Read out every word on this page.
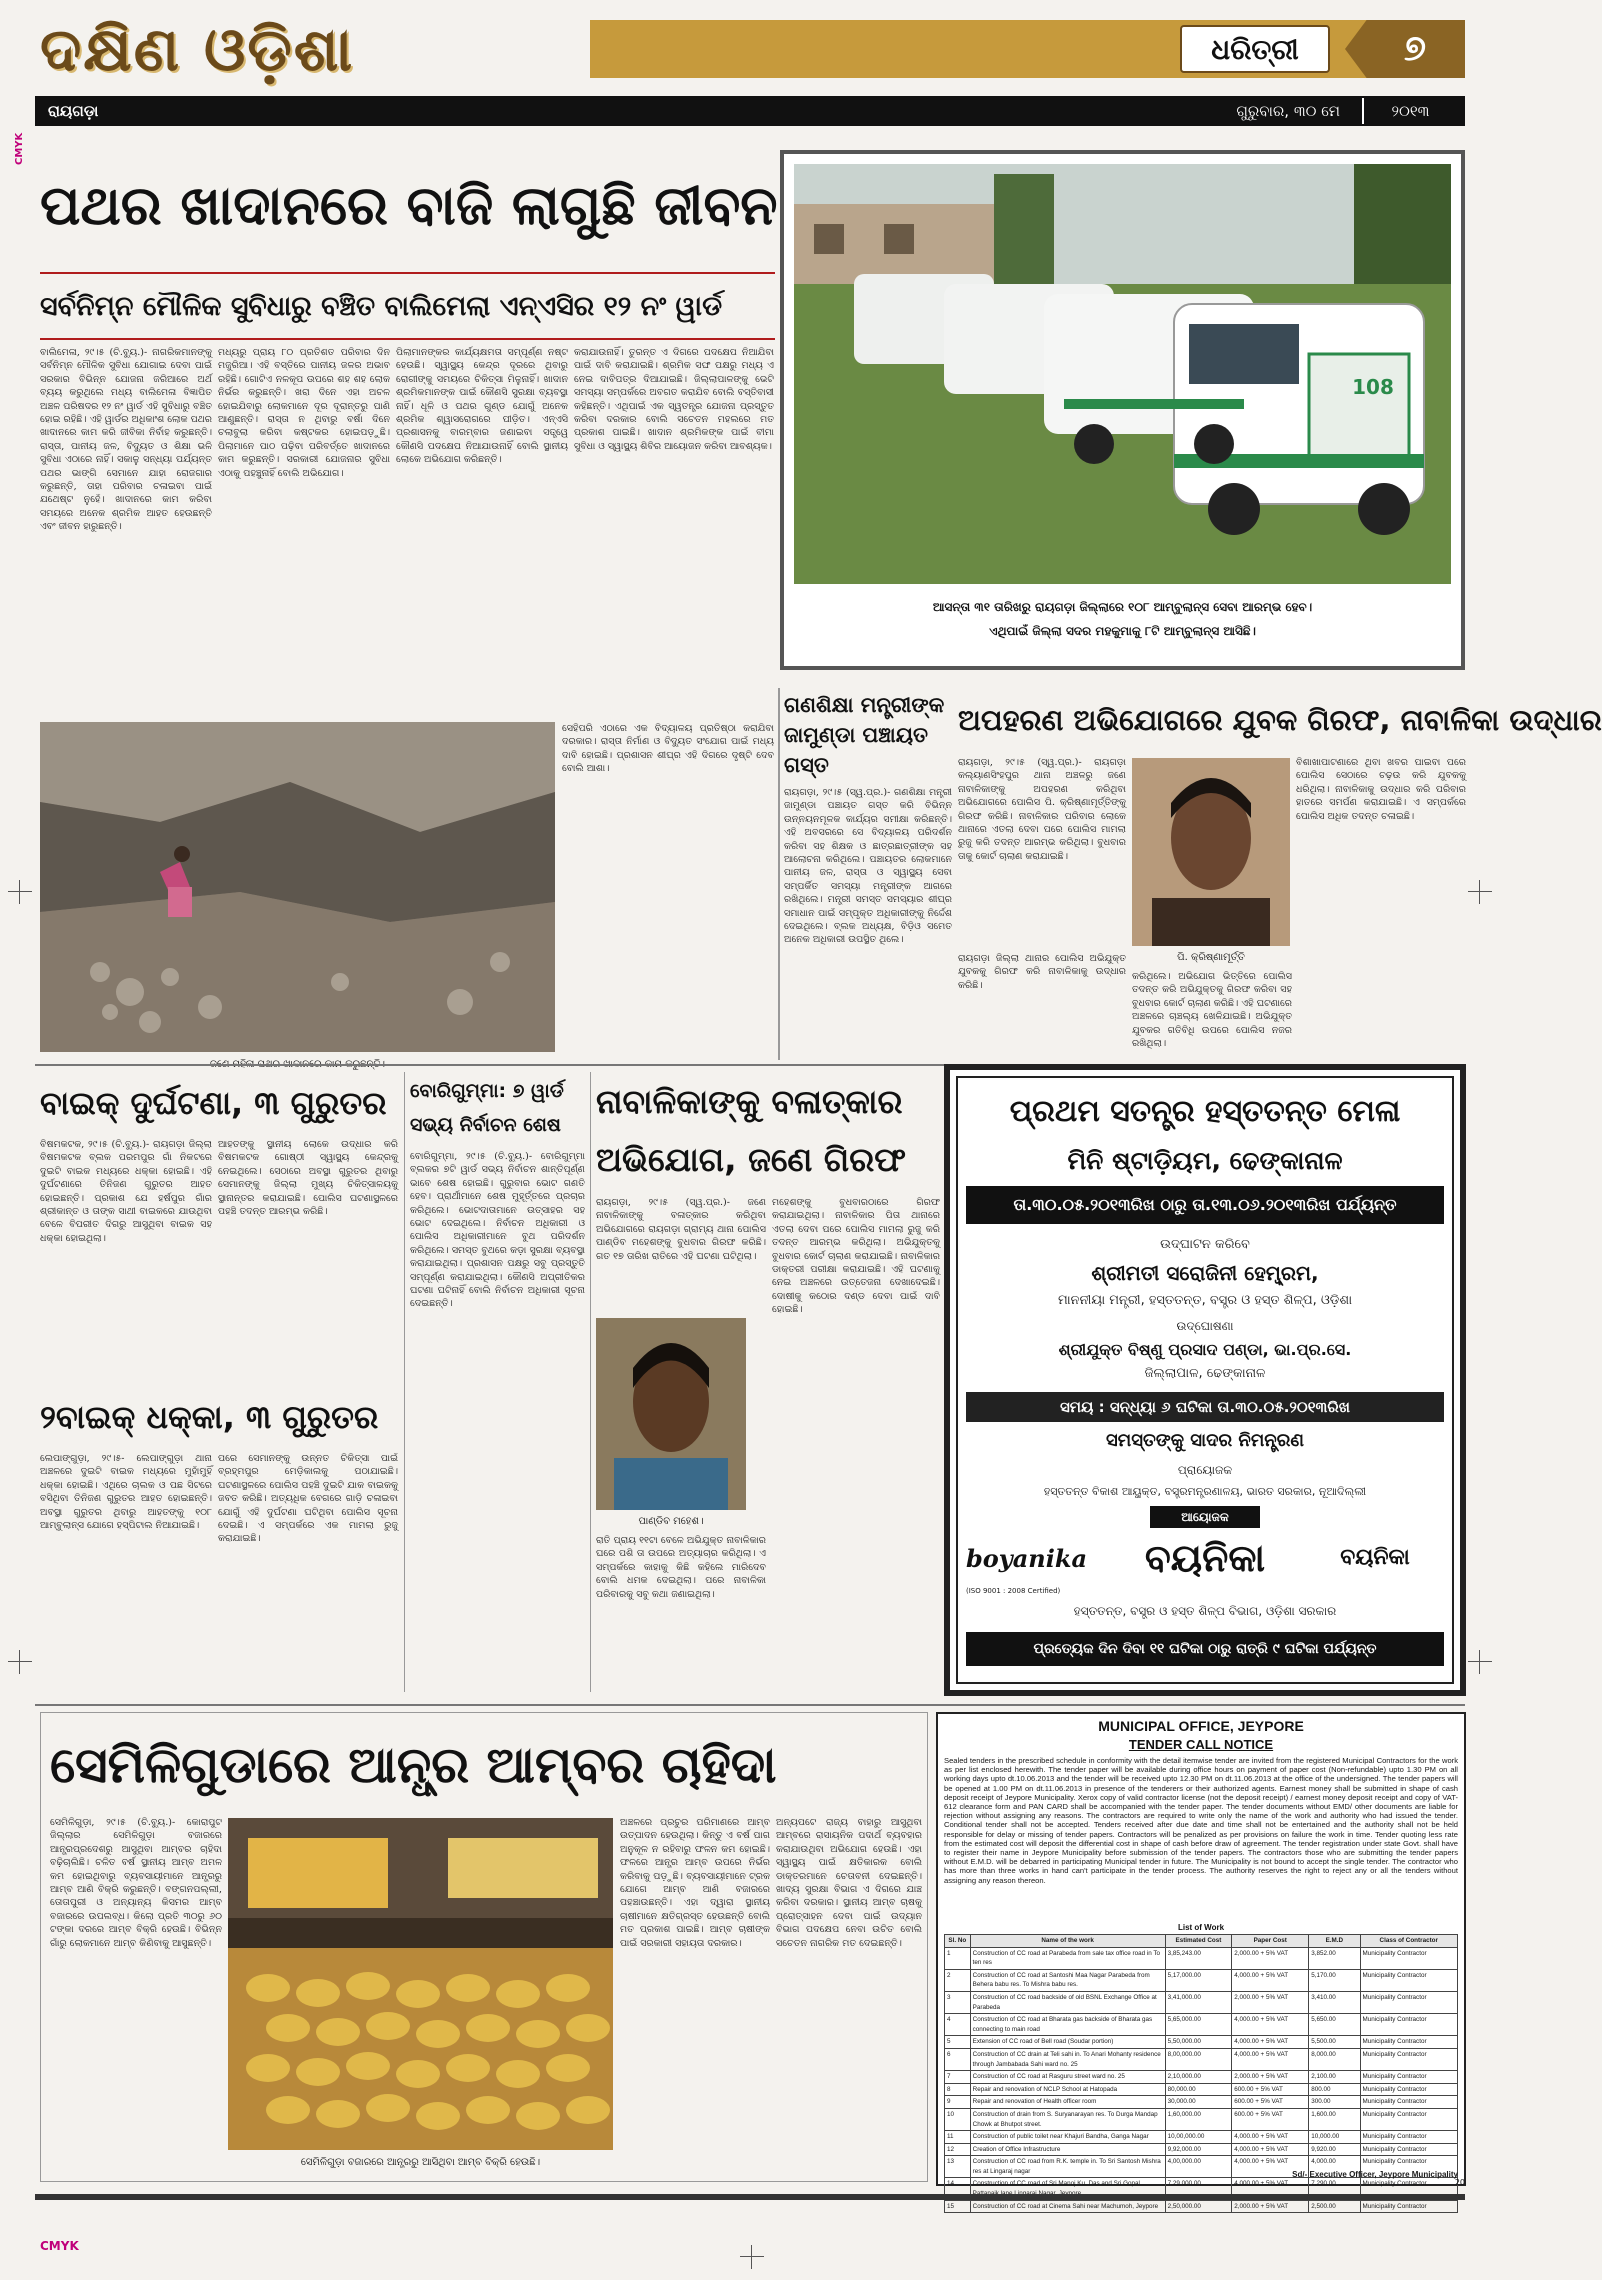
CMYK
ଦକ୍ଷିଣ ଓଡ଼ିଶା	ଧରିତ୍ରୀ	୭
ରାୟଗଡ଼ା	ଗୁରୁବାର, ୩୦ ମେ	୨୦୧୩
ପଥର ଖାଦାନରେ ବାଜି ଲାଗୁଛି ଜୀବନ
ସର୍ବନିମ୍ନ ମୌଳିକ ସୁବିଧାରୁ ବଞ୍ଚିତ ବାଲିମେଲା ଏନ୍‌ଏସିର ୧୨ ନଂ ୱାର୍ଡ
ବାଲିମେଳା, ୨୯।୫ (ଚି.ବ୍ୟୁ.)- ନାଗରିକମାନଙ୍କୁ ସର୍ବନିମ୍ନ ମୌଳିକ ସୁବିଧା ଯୋଗାଇ ଦେବା ପାଇଁ ସରକାର ବିଭିନ୍ନ ଯୋଜନା ଜରିଆରେ ଅର୍ଥ ବ୍ୟୟ କରୁଥିଲେ ମଧ୍ୟ ବାଲିମେଳା ବିଜ୍ଞାପିତ ଅଞ୍ଚଳ ପରିଷଦର ୧୨ ନଂ ୱାର୍ଡ ଏହି ସୁବିଧାରୁ ବଞ୍ଚିତ ହୋଇ ରହିଛି। ଏହି ୱାର୍ଡର ଅଧିକାଂଶ ଲୋକ ପଥର ଖାଦାନରେ କାମ କରି ଜୀବିକା ନିର୍ବାହ କରୁଛନ୍ତି। ରାସ୍ତା, ପାନୀୟ ଜଳ, ବିଦ୍ୟୁତ ଓ ଶିକ୍ଷା ଭଳି ସୁବିଧା ଏଠାରେ ନାହିଁ। ସକାଳୁ ସନ୍ଧ୍ୟା ପର୍ଯ୍ୟନ୍ତ ପଥର ଭାଙ୍ଗି ସେମାନେ ଯାହା ରୋଜଗାର କରୁଛନ୍ତି, ତାହା ପରିବାର ଚଳାଇବା ପାଇଁ ଯଥେଷ୍ଟ ନୁହେଁ। ଖାଦାନରେ କାମ କରିବା ସମୟରେ ଅନେକ ଶ୍ରମିକ ଆହତ ହେଉଛନ୍ତି ଏବଂ ଜୀବନ ହାରୁଛନ୍ତି।
ମଧ୍ୟରୁ ପ୍ରାୟ ୮୦ ପ୍ରତିଶତ ପରିବାର ଦିନ ମଜୁରିଆ। ଏହି ବସ୍ତିରେ ପାନୀୟ ଜଳର ଅଭାବ ରହିଛି। ଗୋଟିଏ ନଳକୂପ ଉପରେ ଶହ ଶହ ଲୋକ ନିର୍ଭର କରୁଛନ୍ତି। ଖରା ଦିନେ ଏହା ଅଚଳ ହୋଇଯିବାରୁ ଲୋକମାନେ ଦୂର ଦୂରାନ୍ତରୁ ପାଣି ଆଣୁଛନ୍ତି। ରାସ୍ତା ନ ଥିବାରୁ ବର୍ଷା ଦିନେ ଚଲାବୁଲା କରିବା କଷ୍ଟକର ହୋଇପଡ଼ୁଛି। ପିଲାମାନେ ପାଠ ପଢ଼ିବା ପରିବର୍ତ୍ତେ ଖାଦାନରେ କାମ କରୁଛନ୍ତି। ସରକାରୀ ଯୋଜନାର ସୁବିଧା ଏଠାକୁ ପହଞ୍ଚୁନାହିଁ ବୋଲି ଅଭିଯୋଗ।
ପିଲାମାନଙ୍କର କାର୍ଯ୍ୟକ୍ଷମତା ସମ୍ପୂର୍ଣ୍ଣ ନଷ୍ଟ ହେଉଛି। ସ୍ୱାସ୍ଥ୍ୟ କେନ୍ଦ୍ର ଦୂରରେ ଥିବାରୁ ରୋଗୀଙ୍କୁ ସମୟରେ ଚିକିତ୍ସା ମିଳୁନାହିଁ। ଖାଦାନ ଶ୍ରମିକମାନଙ୍କ ପାଇଁ କୌଣସି ସୁରକ୍ଷା ବ୍ୟବସ୍ଥା ନାହିଁ। ଧୂଳି ଓ ପଥର ଗୁଣ୍ଡ ଯୋଗୁଁ ଅନେକ ଶ୍ରମିକ ଶ୍ୱାସରୋଗରେ ପୀଡ଼ିତ। ଏନ୍‌ଏସି ପ୍ରଶାସନକୁ ବାରମ୍ବାର ଜଣାଇବା ସତ୍ତ୍ୱେ କୌଣସି ପଦକ୍ଷେପ ନିଆଯାଉନାହିଁ ବୋଲି ସ୍ଥାନୀୟ ଲୋକେ ଅଭିଯୋଗ କରିଛନ୍ତି।
କରାଯାଉନାହିଁ। ତୁରନ୍ତ ଏ ଦିଗରେ ପଦକ୍ଷେପ ନିଆଯିବା ପାଇଁ ଦାବି କରାଯାଇଛି। ଶ୍ରମିକ ସଙ୍ଘ ପକ୍ଷରୁ ମଧ୍ୟ ଏ ନେଇ ଦାବିପତ୍ର ଦିଆଯାଇଛି। ଜିଲ୍ଲାପାଳଙ୍କୁ ଭେଟି ସମସ୍ୟା ସମ୍ପର୍କରେ ଅବଗତ କରାଯିବ ବୋଲି ବସ୍ତିବାସୀ କହିଛନ୍ତି। ଏଥିପାଇଁ ଏକ ସ୍ୱତନ୍ତ୍ର ଯୋଜନା ପ୍ରସ୍ତୁତ କରିବା ଦରକାର ବୋଲି ସଚେତନ ମହଲରେ ମତ ପ୍ରକାଶ ପାଇଛି। ଖାଦାନ ଶ୍ରମିକଙ୍କ ପାଇଁ ବୀମା ସୁବିଧା ଓ ସ୍ୱାସ୍ଥ୍ୟ ଶିବିର ଆୟୋଜନ କରିବା ଆବଶ୍ୟକ।
ସେହିପରି ଏଠାରେ ଏକ ବିଦ୍ୟାଳୟ ପ୍ରତିଷ୍ଠା କରାଯିବା ଦରକାର। ରାସ୍ତା ନିର୍ମାଣ ଓ ବିଦ୍ୟୁତ ସଂଯୋଗ ପାଇଁ ମଧ୍ୟ ଦାବି ହୋଇଛି। ପ୍ରଶାସନ ଶୀଘ୍ର ଏହି ଦିଗରେ ଦୃଷ୍ଟି ଦେବ ବୋଲି ଆଶା।
108
ଆସନ୍ତା ୩୧ ତାରିଖରୁ ରାୟଗଡ଼ା ଜିଲ୍ଲାରେ ୧୦୮ ଆମ୍ବୁଲାନ୍ସ ସେବା ଆରମ୍ଭ ହେବ।
ଏଥିପାଇଁ ଜିଲ୍ଲା ସଦର ମହକୁମାକୁ ୮ଟି ଆମ୍ବୁଲାନ୍ସ ଆସିଛି।
ଗଣଶିକ୍ଷା ମନ୍ତ୍ରୀଙ୍କ ଜାମୁଣ୍ଡା ପଞ୍ଚାୟତ ଗସ୍ତ
ରାୟଗଡ଼ା, ୨୯।୫ (ସ୍ୱ.ପ୍ର.)- ଗଣଶିକ୍ଷା ମନ୍ତ୍ରୀ ଜାମୁଣ୍ଡା ପଞ୍ଚାୟତ ଗସ୍ତ କରି ବିଭିନ୍ନ ଉନ୍ନୟନମୂଳକ କାର୍ଯ୍ୟର ସମୀକ୍ଷା କରିଛନ୍ତି। ଏହି ଅବସରରେ ସେ ବିଦ୍ୟାଳୟ ପରିଦର୍ଶନ କରିବା ସହ ଶିକ୍ଷକ ଓ ଛାତ୍ରଛାତ୍ରୀଙ୍କ ସହ ଆଲୋଚନା କରିଥିଲେ। ପଞ୍ଚାୟତର ଲୋକମାନେ ପାନୀୟ ଜଳ, ରାସ୍ତା ଓ ସ୍ୱାସ୍ଥ୍ୟ ସେବା ସମ୍ପର୍କିତ ସମସ୍ୟା ମନ୍ତ୍ରୀଙ୍କ ଆଗରେ ରଖିଥିଲେ। ମନ୍ତ୍ରୀ ସମସ୍ତ ସମସ୍ୟାର ଶୀଘ୍ର ସମାଧାନ ପାଇଁ ସମ୍ପୃକ୍ତ ଅଧିକାରୀଙ୍କୁ ନିର୍ଦ୍ଦେଶ ଦେଇଥିଲେ। ବ୍ଲକ ଅଧ୍ୟକ୍ଷ, ବିଡ଼ିଓ ସମେତ ଅନେକ ଅଧିକାରୀ ଉପସ୍ଥିତ ଥିଲେ।
ଅପହରଣ ଅଭିଯୋଗରେ ଯୁବକ ଗିରଫ, ନାବାଳିକା ଉଦ୍ଧାର
ରାୟଗଡ଼ା, ୨୯।୫ (ସ୍ୱ.ପ୍ର.)- ରାୟଗଡ଼ା କଲ୍ୟାଣସିଂହପୁର ଥାନା ଅଞ୍ଚଳରୁ ଜଣେ ନାବାଳିକାଙ୍କୁ ଅପହରଣ କରିଥିବା ଅଭିଯୋଗରେ ପୋଲିସ ପି. କ୍ରିଷ୍ଣାମୂର୍ତ୍ତିଙ୍କୁ ଗିରଫ କରିଛି। ନାବାଳିକାର ପରିବାର ଲୋକେ ଥାନାରେ ଏତଲା ଦେବା ପରେ ପୋଲିସ ମାମଲା ରୁଜୁ କରି ତଦନ୍ତ ଆରମ୍ଭ କରିଥିଲା। ବୁଧବାର ତାକୁ କୋର୍ଟ ଚାଲାଣ କରାଯାଇଛି।
ପି. କ୍ରିଷ୍ଣାମୂର୍ତ୍ତି
ରାୟଗଡ଼ା ଜିଲ୍ଲା ଥାନାର ପୋଲିସ ଅଭିଯୁକ୍ତ ଯୁବକକୁ ଗିରଫ କରି ନାବାଳିକାକୁ ଉଦ୍ଧାର କରିଛି।
କରିଥିଲେ। ଅଭିଯୋଗ ଭିତ୍ତିରେ ପୋଲିସ ତଦନ୍ତ କରି ଅଭିଯୁକ୍ତକୁ ଗିରଫ କରିବା ସହ ବୁଧବାର କୋର୍ଟ ଚାଲାଣ କରିଛି। ଏହି ଘଟଣାରେ ଅଞ୍ଚଳରେ ଚାଞ୍ଚଲ୍ୟ ଖେଳିଯାଇଛି। ଅଭିଯୁକ୍ତ ଯୁବକର ଗତିବିଧି ଉପରେ ପୋଲିସ ନଜର ରଖିଥିଲା।
ବିଶାଖାପାଟଣାରେ ଥିବା ଖବର ପାଇବା ପରେ ପୋଲିସ ସେଠାରେ ଚଢ଼ଉ କରି ଯୁବକକୁ ଧରିଥିଲା। ନାବାଳିକାକୁ ଉଦ୍ଧାର କରି ପରିବାର ହାତରେ ସମର୍ପଣ କରାଯାଇଛି। ଏ ସମ୍ପର୍କରେ ପୋଲିସ ଅଧିକ ତଦନ୍ତ ଚଳାଇଛି।
ବାଇକ୍ ଦୁର୍ଘଟଣା, ୩ ଗୁରୁତର
ବିଷମକଟକ, ୨୯।୫ (ଚି.ବ୍ୟୁ.)- ରାୟଗଡ଼ା ଜିଲ୍ଲା ବିଷମକଟକ ବ୍ଲକ ପରମପୁର ଗାଁ ନିକଟରେ ଦୁଇଟି ବାଇକ ମଧ୍ୟରେ ଧକ୍କା ହୋଇଛି। ଏହି ଦୁର୍ଘଟଣାରେ ତିନିଜଣ ଗୁରୁତର ଆହତ ହୋଇଛନ୍ତି। ପ୍ରକାଶ ଯେ ହର୍ଷପୁର ଗାଁର ଶ୍ରୀକାନ୍ତ ଓ ତାଙ୍କ ସାଥୀ ବାଇକରେ ଯାଉଥିବା ବେଳେ ବିପରୀତ ଦିଗରୁ ଆସୁଥିବା ବାଇକ ସହ ଧକ୍କା ହୋଇଥିଲା।
ଆହତଙ୍କୁ ସ୍ଥାନୀୟ ଲୋକେ ଉଦ୍ଧାର କରି ବିଷମକଟକ ଗୋଷ୍ଠୀ ସ୍ୱାସ୍ଥ୍ୟ କେନ୍ଦ୍ରକୁ ନେଇଥିଲେ। ସେଠାରେ ଅବସ୍ଥା ଗୁରୁତର ଥିବାରୁ ସେମାନଙ୍କୁ ଜିଲ୍ଲା ମୁଖ୍ୟ ଚିକିତ୍ସାଳୟକୁ ସ୍ଥାନାନ୍ତର କରାଯାଇଛି। ପୋଲିସ ଘଟଣାସ୍ଥଳରେ ପହଞ୍ଚି ତଦନ୍ତ ଆରମ୍ଭ କରିଛି।
୨ବାଇକ୍ ଧକ୍କା, ୩ ଗୁରୁତର
ଲେପାଙ୍ଗୁଡ଼ା, ୨୯।୫- ଲେପାଙ୍ଗୁଡ଼ା ଥାନା ଅଞ୍ଚଳରେ ଦୁଇଟି ବାଇକ ମଧ୍ୟରେ ମୁହାଁମୁହିଁ ଧକ୍କା ହୋଇଛି। ଏଥିରେ ଚାଲକ ଓ ପଛ ସିଟରେ ବସିଥିବା ତିନିଜଣ ଗୁରୁତର ଆହତ ହୋଇଛନ୍ତି। ଅବସ୍ଥା ଗୁରୁତର ଥିବାରୁ ଆହତଙ୍କୁ ୧୦୮ ଆମ୍ବୁଲାନ୍ସ ଯୋଗେ ହସ୍ପିଟାଲ ନିଆଯାଇଛି।
ପରେ ସେମାନଙ୍କୁ ଉନ୍ନତ ଚିକିତ୍ସା ପାଇଁ ବ୍ରହ୍ମପୁର ମେଡ଼ିକାଲକୁ ପଠାଯାଇଛି। ଘଟଣାସ୍ଥଳରେ ପୋଲିସ ପହଞ୍ଚି ଦୁଇଟି ଯାକ ବାଇକକୁ ଜବତ କରିଛି। ଅତ୍ୟଧିକ ବେଗରେ ଗାଡ଼ି ଚଳାଇବା ଯୋଗୁଁ ଏହି ଦୁର୍ଘଟଣା ଘଟିଥିବା ପୋଲିସ ସୂଚନା ଦେଇଛି। ଏ ସମ୍ପର୍କରେ ଏକ ମାମଲା ରୁଜୁ କରାଯାଇଛି।
ବୋରିଗୁମ୍ମା: ୭ ୱାର୍ଡ ସଭ୍ୟ ନିର୍ବାଚନ ଶେଷ
ବୋରିଗୁମ୍ମା, ୨୯।୫ (ଚି.ବ୍ୟୁ.)- ବୋରିଗୁମ୍ମା ବ୍ଲକର ୭ଟି ୱାର୍ଡ ସଭ୍ୟ ନିର୍ବାଚନ ଶାନ୍ତିପୂର୍ଣ୍ଣ ଭାବେ ଶେଷ ହୋଇଛି। ଗୁରୁବାର ଭୋଟ ଗଣତି ହେବ। ପ୍ରାର୍ଥୀମାନେ ଶେଷ ମୁହୂର୍ତ୍ତରେ ପ୍ରଚାର କରିଥିଲେ। ଭୋଟଦାତାମାନେ ଉତ୍ସାହର ସହ ଭୋଟ ଦେଇଥିଲେ। ନିର୍ବାଚନ ଅଧିକାରୀ ଓ ପୋଲିସ ଅଧିକାରୀମାନେ ବୁଥ ପରିଦର୍ଶନ କରିଥିଲେ। ସମସ୍ତ ବୁଥରେ କଡ଼ା ସୁରକ୍ଷା ବ୍ୟବସ୍ଥା କରାଯାଇଥିଲା। ପ୍ରଶାସନ ପକ୍ଷରୁ ସବୁ ପ୍ରସ୍ତୁତି ସମ୍ପୂର୍ଣ୍ଣ କରାଯାଇଥିଲା। କୌଣସି ଅପ୍ରୀତିକର ଘଟଣା ଘଟିନାହିଁ ବୋଲି ନିର୍ବାଚନ ଅଧିକାରୀ ସୂଚନା ଦେଇଛନ୍ତି।
ନାବାଳିକାଙ୍କୁ ବଳାତ୍କାର
ଅଭିଯୋଗ, ଜଣେ ଗିରଫ
ରାୟଗଡ଼ା, ୨୯।୫ (ସ୍ୱ.ପ୍ର.)- ଜଣେ ନାବାଳିକାଙ୍କୁ ବଳାତ୍କାର କରିଥିବା ଅଭିଯୋଗରେ ରାୟଗଡ଼ା ଗ୍ରାମ୍ୟ ଥାନା ପୋଲିସ ପାଣ୍ଡିବ ମହେଶଙ୍କୁ ବୁଧବାର ଗିରଫ କରିଛି। ଗତ ୧୭ ତାରିଖ ରାତିରେ ଏହି ଘଟଣା ଘଟିଥିଲା।
ପାଣ୍ଡିବ ମହେଶ।
ରାତି ପ୍ରାୟ ୧୧ଟା ବେଳେ ଅଭିଯୁକ୍ତ ନାବାଳିକାର ଘରେ ପଶି ତା ଉପରେ ଅତ୍ୟାଚାର କରିଥିଲା। ଏ ସମ୍ପର୍କରେ କାହାକୁ କିଛି କହିଲେ ମାରିଦେବ ବୋଲି ଧମକ ଦେଇଥିଲା। ପରେ ନାବାଳିକା ପରିବାରକୁ ସବୁ କଥା ଜଣାଇଥିଲା।
ମହେଶଙ୍କୁ ବୁଧବାରଠାରେ ଗିରଫ କରାଯାଇଥିଲା। ନାବାଳିକାର ପିତା ଥାନାରେ ଏତଲା ଦେବା ପରେ ପୋଲିସ ମାମଲା ରୁଜୁ କରି ତଦନ୍ତ ଆରମ୍ଭ କରିଥିଲା। ଅଭିଯୁକ୍ତକୁ ବୁଧବାର କୋର୍ଟ ଚାଲାଣ କରାଯାଇଛି। ନାବାଳିକାର ଡାକ୍ତରୀ ପରୀକ୍ଷା କରାଯାଇଛି। ଏହି ଘଟଣାକୁ ନେଇ ଅଞ୍ଚଳରେ ଉତ୍ତେଜନା ଦେଖାଦେଇଛି। ଦୋଷୀକୁ କଠୋର ଦଣ୍ଡ ଦେବା ପାଇଁ ଦାବି ହୋଇଛି।
ପ୍ରଥମ ସତନ୍ତ୍ର ହସ୍ତତନ୍ତ ମେଳା
ମିନି ଷ୍ଟାଡ଼ିୟମ, ଢେଙ୍କାନାଳ
ତା.୩୦.୦୫.୨୦୧୩ରିଖ ଠାରୁ ତା.୧୩.୦୬.୨୦୧୩ରିଖ ପର୍ଯ୍ୟନ୍ତ
ଉଦ୍‌ଘାଟନ କରିବେ
ଶ୍ରୀମତୀ ସରୋଜିନୀ ହେମ୍ବ୍ରମ,
ମାନନୀୟା ମନ୍ତ୍ରୀ, ହସ୍ତତନ୍ତ, ବସ୍ତ୍ର ଓ ହସ୍ତ ଶିଳ୍ପ, ଓଡ଼ିଶା
ଉଦ୍‌ଘୋଷଣା
ଶ୍ରୀଯୁକ୍ତ ବିଷ୍ଣୁ ପ୍ରସାଦ ପଣ୍ଡା, ଭା.ପ୍ର.ସେ.
ଜିଲ୍ଲାପାଳ, ଢେଙ୍କାନାଳ
ସମୟ : ସନ୍ଧ୍ୟା ୬ ଘଟିକା ତା.୩୦.୦୫.୨୦୧୩ରିଖ
ସମସ୍ତଙ୍କୁ ସାଦର ନିମନ୍ତ୍ରଣ
ପ୍ରାୟୋଜକ
ହସ୍ତତନ୍ତ ବିକାଶ ଆୟୁକ୍ତ, ବସ୍ତ୍ରମନ୍ତ୍ରଣାଳୟ, ଭାରତ ସରକାର, ନୂଆଦିଲ୍ଲୀ
ଆୟୋଜକ
boyanika	ବୟନିକା	ବୟନିକା
(ISO 9001 : 2008 Certified)
ହସ୍ତତନ୍ତ, ବସ୍ତ୍ର ଓ ହସ୍ତ ଶିଳ୍ପ ବିଭାଗ, ଓଡ଼ିଶା ସରକାର
ପ୍ରତ୍ୟେକ ଦିନ ଦିବା ୧୧ ଘଟିକା ଠାରୁ ରାତ୍ରି ୯ ଘଟିକା ପର୍ଯ୍ୟନ୍ତ
ସେମିଳିଗୁଡାରେ ଆନ୍ଧ୍ର ଆମ୍ବର ଚାହିଦା
ସେମିଳିଗୁଡ଼ା, ୨୯।୫ (ଚି.ବ୍ୟୁ.)- କୋରାପୁଟ ଜିଲ୍ଲାର ସେମିଳିଗୁଡ଼ା ବଜାରରେ ଆନ୍ଧ୍ରପ୍ରଦେଶରୁ ଆସୁଥିବା ଆମ୍ବର ଚାହିଦା ବଢ଼ିଚାଲିଛି। ଚଳିତ ବର୍ଷ ସ୍ଥାନୀୟ ଆମ୍ବ ଅମଳ କମ ହୋଇଥିବାରୁ ବ୍ୟବସାୟୀମାନେ ଆନ୍ଧ୍ରରୁ ଆମ୍ବ ଆଣି ବିକ୍ରି କରୁଛନ୍ତି। ବଙ୍ଗନପଲ୍ଲୀ, ତୋତାପୁରୀ ଓ ଅନ୍ୟାନ୍ୟ କିସମର ଆମ୍ବ ବଜାରରେ ଉପଲବ୍ଧ। କିଲୋ ପ୍ରତି ୩୦ରୁ ୬୦ ଟଙ୍କା ଦରରେ ଆମ୍ବ ବିକ୍ରି ହେଉଛି। ବିଭିନ୍ନ ଗାଁରୁ ଲୋକମାନେ ଆମ୍ବ କିଣିବାକୁ ଆସୁଛନ୍ତି।
ସେମିଳିଗୁଡ଼ା ବଜାରରେ ଆନ୍ଧ୍ରରୁ ଆସିଥିବା ଆମ୍ବ ବିକ୍ରି ହେଉଛି।
ଅଞ୍ଚଳରେ ପ୍ରଚୁର ପରିମାଣରେ ଆମ୍ବ ଉତ୍ପାଦନ ହେଉଥିଲା। କିନ୍ତୁ ଏ ବର୍ଷ ପାଗ ଅନୁକୂଳ ନ ରହିବାରୁ ଫଳନ କମ ହୋଇଛି। ଫଳରେ ଆନ୍ଧ୍ର ଆମ୍ବ ଉପରେ ନିର୍ଭର କରିବାକୁ ପଡ଼ୁଛି। ବ୍ୟବସାୟୀମାନେ ଟ୍ରକ ଯୋଗେ ଆମ୍ବ ଆଣି ବଜାରରେ ପହଞ୍ଚାଉଛନ୍ତି। ଏହା ଦ୍ୱାରା ସ୍ଥାନୀୟ ଚାଷୀମାନେ କ୍ଷତିଗ୍ରସ୍ତ ହେଉଛନ୍ତି ବୋଲି ମତ ପ୍ରକାଶ ପାଇଛି। ଆମ୍ବ ଚାଷୀଙ୍କ ପାଇଁ ସରକାରୀ ସହାୟତା ଦରକାର।
ଅନ୍ୟପଟେ ରାଜ୍ୟ ବାହାରୁ ଆସୁଥିବା ଆମ୍ବରେ ରାସାୟନିକ ପଦାର୍ଥ ବ୍ୟବହାର କରାଯାଉଥିବା ଅଭିଯୋଗ ହେଉଛି। ଏହା ସ୍ୱାସ୍ଥ୍ୟ ପାଇଁ କ୍ଷତିକାରକ ବୋଲି ଡାକ୍ତରମାନେ ଚେତାବନୀ ଦେଇଛନ୍ତି। ଖାଦ୍ୟ ସୁରକ୍ଷା ବିଭାଗ ଏ ଦିଗରେ ଯାଞ୍ଚ କରିବା ଦରକାର। ସ୍ଥାନୀୟ ଆମ୍ବ ଚାଷକୁ ପ୍ରୋତ୍ସାହନ ଦେବା ପାଇଁ ଉଦ୍ୟାନ ବିଭାଗ ପଦକ୍ଷେପ ନେବା ଉଚିତ ବୋଲି ସଚେତନ ନାଗରିକ ମତ ଦେଇଛନ୍ତି।
MUNICIPAL OFFICE, JEYPORE
TENDER CALL NOTICE
Sealed tenders in the prescribed schedule in conformity with the detail itemwise tender are invited from the registered Municipal Contractors for the work as per list enclosed herewith. The tender paper will be available during office hours on payment of paper cost (Non-refundable) upto 1.30 PM on all working days upto dt.10.06.2013 and the tender will be received upto 12.30 PM on dt.11.06.2013 at the office of the undersigned. The tender papers will be opened at 1.00 PM on dt.11.06.2013 in presence of the tenderers or their authorized agents. Earnest money shall be submitted in shape of cash deposit receipt of Jeypore Municipality. Xerox copy of valid contractor license (not the deposit receipt) / earnest money deposit receipt and copy of VAT-612 clearance form and PAN CARD shall be accompanied with the tender paper. The tender documents without EMD/ other documents are liable for rejection without assigning any reasons. The contractors are required to write only the name of the work and authority who had issued the tender. Conditional tender shall not be accepted. Tenders received after due date and time shall not be entertained and the authority shall not be held responsible for delay or missing of tender papers. Contractors will be penalized as per provisions on failure the work in time. Tender quoting less rate from the estimated cost will deposit the differential cost in shape of cash before draw of agreement. The tender registration under state Govt. shall have to register their name in Jeypore Municipality before submission of the tender papers. The contractors those who are submitting the tender papers without E.M.D. will be debarred in participating Municipal tender in future. The Municipality is not bound to accept the single tender. The contractor who has more than three works in hand can't participate in the tender process. The authority reserves the right to reject any or all the tenders without assigning any reason thereon.
List of Work
Sl. No	Name of the work	Estimated Cost	Paper Cost	E.M.D	Class of Contractor
1	Construction of CC road at Parabeda from sale tax office road in To ten res	3,85,243.00	2,000.00 + 5% VAT	3,852.00	Municipality Contractor
2	Construction of CC road at Santoshi Maa Nagar Parabeda from Behera babu res. To Mishra babu res.	5,17,000.00	4,000.00 + 5% VAT	5,170.00	Municipality Contractor
3	Construction of CC road backside of old BSNL Exchange Office at Parabeda	3,41,000.00	2,000.00 + 5% VAT	3,410.00	Municipality Contractor
4	Construction of CC road at Bharata gas backside of Bharata gas connecting to main road	5,65,000.00	4,000.00 + 5% VAT	5,650.00	Municipality Contractor
5	Extension of CC road of Bell road (Soudar portion)	5,50,000.00	4,000.00 + 5% VAT	5,500.00	Municipality Contractor
6	Construction of CC drain at Teli sahi in. To Anari Mohanty residence through Jambabada Sahi ward no. 25	8,00,000.00	4,000.00 + 5% VAT	8,000.00	Municipality Contractor
7	Construction of CC road at Rasguru street ward no. 25	2,10,000.00	2,000.00 + 5% VAT	2,100.00	Municipality Contractor
8	Repair and renovation of NCLP School at Hatopada	80,000.00	600.00 + 5% VAT	800.00	Municipality Contractor
9	Repair and renovation of Health officer room	30,000.00	600.00 + 5% VAT	300.00	Municipality Contractor
10	Construction of drain from S. Suryanarayan res. To Durga Mandap Chowk at Bhutpot street.	1,60,000.00	600.00 + 5% VAT	1,600.00	Municipality Contractor
11	Construction of public toilet near Khajuri Bandha, Ganga Nagar	10,00,000.00	4,000.00 + 5% VAT	10,000.00	Municipality Contractor
12	Creation of Office Infrastructure	9,92,000.00	4,000.00 + 5% VAT	9,920.00	Municipality Contractor
13	Construction of CC road from R.K. temple in. To Sri Santosh Mishra res at Lingaraj nagar	4,00,000.00	4,000.00 + 5% VAT	4,000.00	Municipality Contractor
14	Construction of CC road of Sri Manoj Ku. Das and Sri Gopal	7,29,000.00	4,000.00 + 5% VAT	7,290.00	Municipality Contractor
15	Construction of CC road at Cinema Sahi near Machumoh, Jeypore	2,50,000.00	2,000.00 + 5% VAT	2,500.00	Municipality Contractor
Sd/- Executive Officer, Jeypore Municipality
20
CMYK
